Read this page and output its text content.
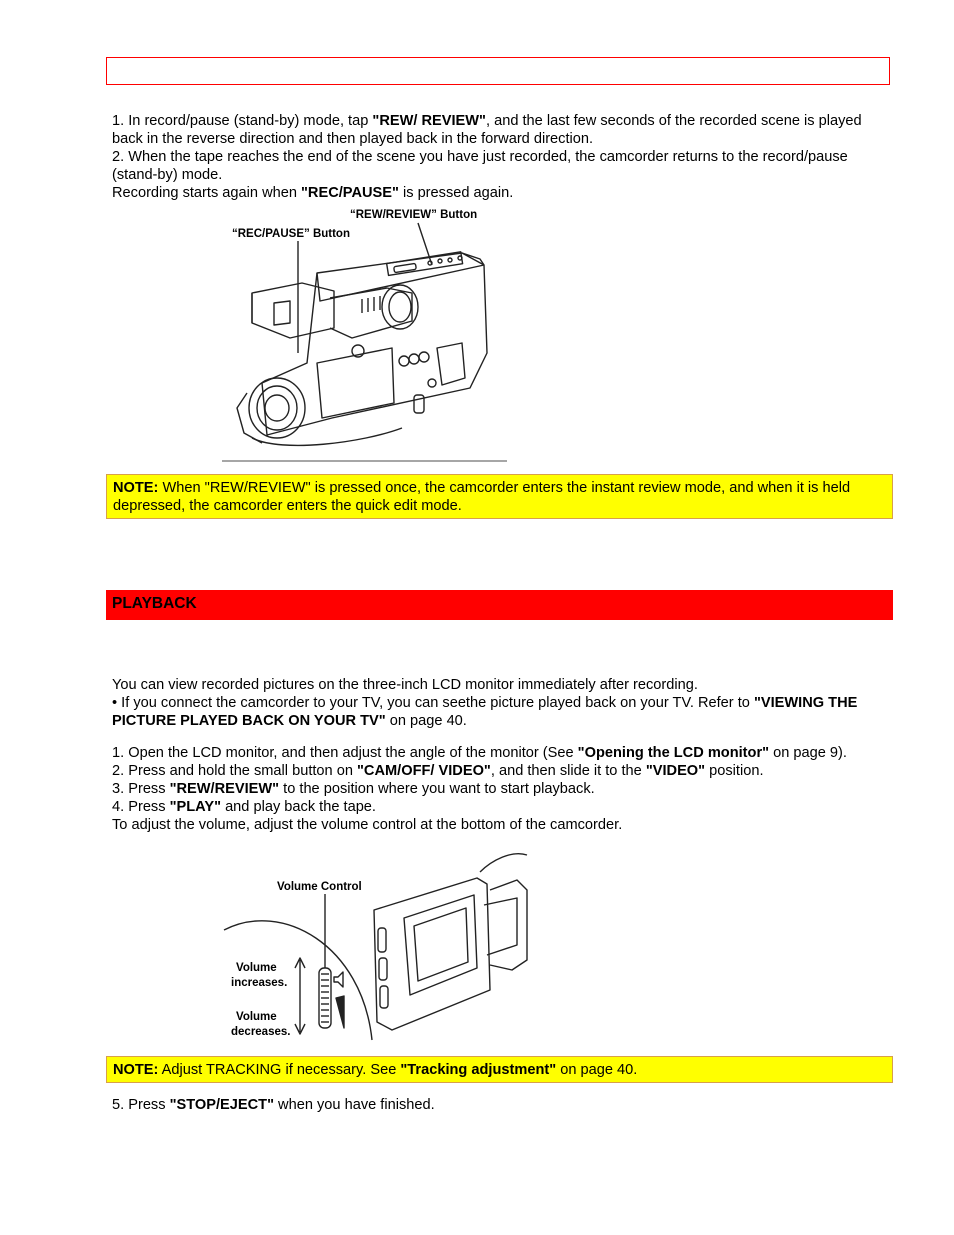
1. In record/pause (stand-by) mode, tap "REW/ REVIEW", and the last few seconds of the recorded scene is played back in the reverse direction and then played back in the forward direction.
2. When the tape reaches the end of the scene you have just recorded, the camcorder returns to the record/pause (stand-by) mode.
Recording starts again when "REC/PAUSE" is pressed again.
“REW/REVIEW” Button
“REC/PAUSE” Button
NOTE: When "REW/REVIEW" is pressed once, the camcorder enters the instant review mode, and when it is held depressed, the camcorder enters the quick edit mode.
PLAYBACK
You can view recorded pictures on the three-inch LCD monitor immediately after recording.
• If you connect the camcorder to your TV, you can seethe picture played back on your TV. Refer to "VIEWING THE PICTURE PLAYED BACK ON YOUR TV" on page 40.
1. Open the LCD monitor, and then adjust the angle of the monitor (See "Opening the LCD monitor" on page 9).
2. Press and hold the small button on "CAM/OFF/ VIDEO", and then slide it to the "VIDEO" position.
3. Press "REW/REVIEW" to the position where you want to start playback.
4. Press "PLAY" and play back the tape.
To adjust the volume, adjust the volume control at the bottom of the camcorder.
Volume Control
Volume
increases.
Volume
decreases.
NOTE: Adjust TRACKING if necessary. See "Tracking adjustment" on page 40.
5. Press "STOP/EJECT" when you have finished.
